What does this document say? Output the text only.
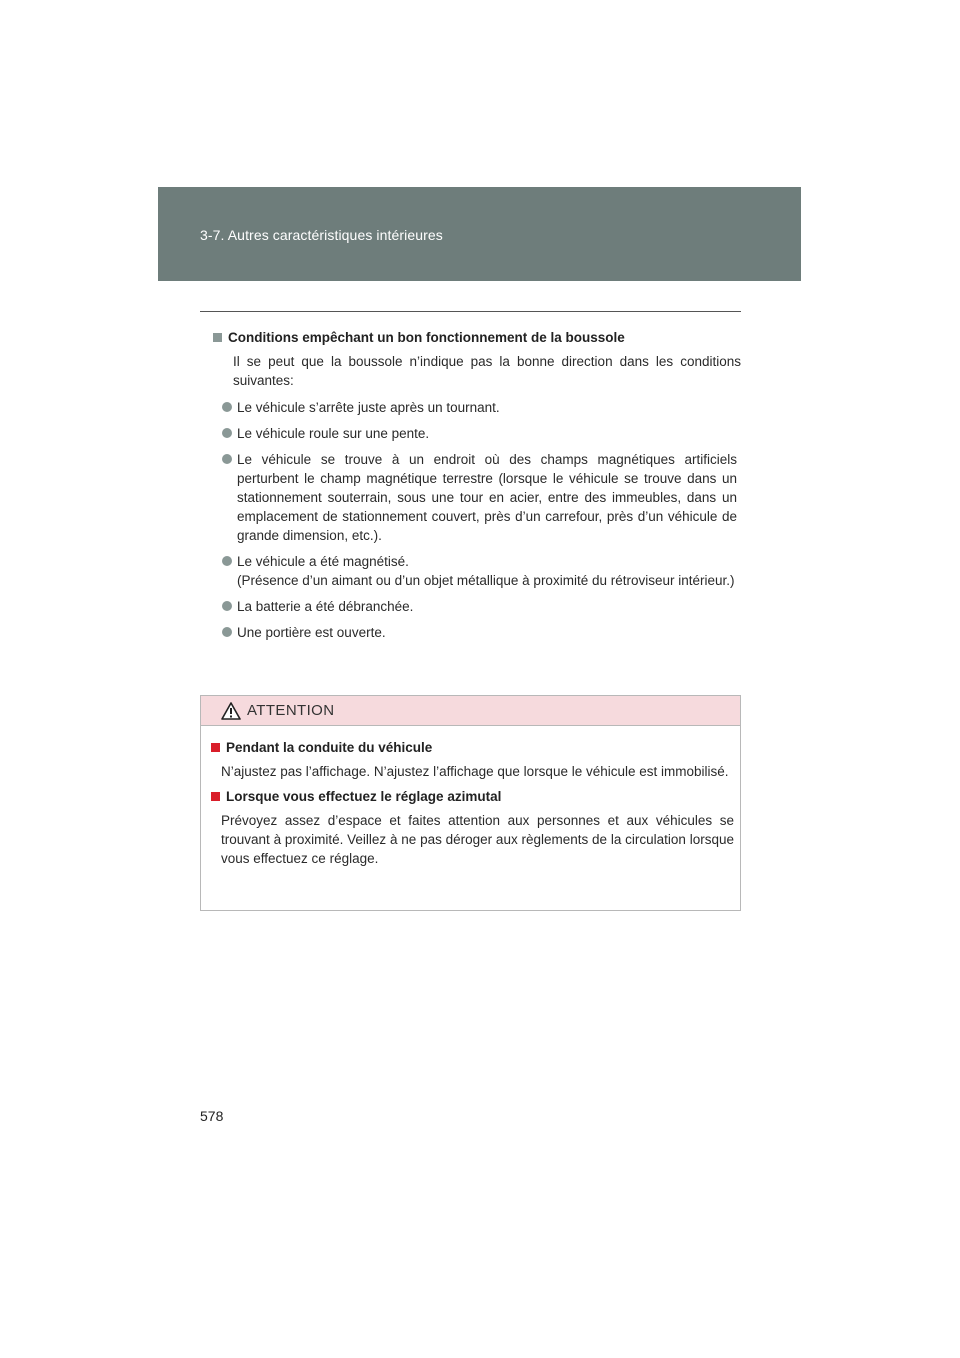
3-7. Autres caractéristiques intérieures
Conditions empêchant un bon fonctionnement de la boussole

Il se peut que la boussole n’indique pas la bonne direction dans les conditions suivantes:

Le véhicule s’arrête juste après un tournant.
Le véhicule roule sur une pente.
Le véhicule se trouve à un endroit où des champs magnétiques artificiels perturbent le champ magnétique terrestre (lorsque le véhicule se trouve dans un stationnement souterrain, sous une tour en acier, entre des immeubles, dans un emplacement de stationnement couvert, près d’un carrefour, près d’un véhicule de grande dimension, etc.).
Le véhicule a été magnétisé.
(Présence d’un aimant ou d’un objet métallique à proximité du rétroviseur intérieur.)
La batterie a été débranchée.
Une portière est ouverte.
ATTENTION
Pendant la conduite du véhicule

N’ajustez pas l’affichage. N’ajustez l’affichage que lorsque le véhicule est immobilisé.

Lorsque vous effectuez le réglage azimutal

Prévoyez assez d’espace et faites attention aux personnes et aux véhicules se trouvant à proximité. Veillez à ne pas déroger aux règlements de la circulation lorsque vous effectuez ce réglage.

578
